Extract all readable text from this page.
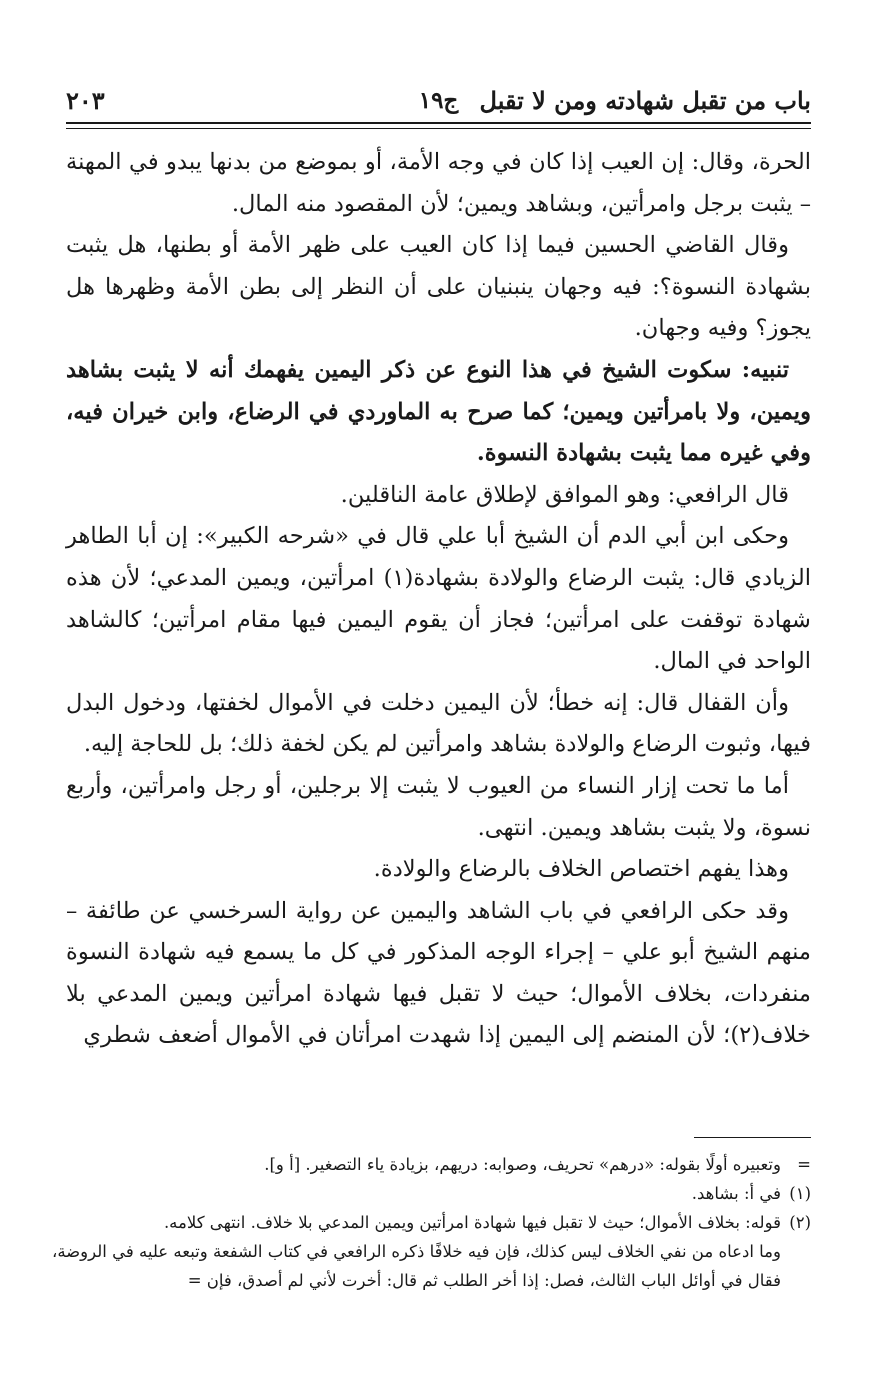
باب من تقبل شهادته ومن لا تقبل
ج١٩
٢٠٣

الحرة، وقال: إن العيب إذا كان في وجه الأمة، أو بموضع من بدنها يبدو في المهنة – يثبت برجل وامرأتين، وبشاهد ويمين؛ لأن المقصود منه المال.

وقال القاضي الحسين فيما إذا كان العيب على ظهر الأمة أو بطنها، هل يثبت بشهادة النسوة؟: فيه وجهان ينبنيان على أن النظر إلى بطن الأمة وظهرها هل يجوز؟ وفيه وجهان.

تنبيه: سكوت الشيخ في هذا النوع عن ذكر اليمين يفهمك أنه لا يثبت بشاهد ويمين، ولا بامرأتين ويمين؛ كما صرح به الماوردي في الرضاع، وابن خيران فيه، وفي غيره مما يثبت بشهادة النسوة.

قال الرافعي: وهو الموافق لإطلاق عامة الناقلين.

وحكى ابن أبي الدم أن الشيخ أبا علي قال في «شرحه الكبير»: إن أبا الطاهر الزيادي قال: يثبت الرضاع والولادة بشهادة(١) امرأتين، ويمين المدعي؛ لأن هذه شهادة توقفت على امرأتين؛ فجاز أن يقوم اليمين فيها مقام امرأتين؛ كالشاهد الواحد في المال.

وأن القفال قال: إنه خطأ؛ لأن اليمين دخلت في الأموال لخفتها، ودخول البدل فيها، وثبوت الرضاع والولادة بشاهد وامرأتين لم يكن لخفة ذلك؛ بل للحاجة إليه.

أما ما تحت إزار النساء من العيوب لا يثبت إلا برجلين، أو رجل وامرأتين، وأربع نسوة، ولا يثبت بشاهد ويمين. انتهى.

وهذا يفهم اختصاص الخلاف بالرضاع والولادة.

وقد حكى الرافعي في باب الشاهد واليمين عن رواية السرخسي عن طائفة – منهم الشيخ أبو علي – إجراء الوجه المذكور في كل ما يسمع فيه شهادة النسوة منفردات، بخلاف الأموال؛ حيث لا تقبل فيها شهادة امرأتين ويمين المدعي بلا خلاف(٢)؛ لأن المنضم إلى اليمين إذا شهدت امرأتان في الأموال أضعف شطري

=
وتعبيره أولًا بقوله: «درهم» تحريف، وصوابه: دريهم، بزيادة ياء التصغير. [أ و].
(١)
في أ: بشاهد.
(٢)
قوله: بخلاف الأموال؛ حيث لا تقبل فيها شهادة امرأتين ويمين المدعي بلا خلاف. انتهى كلامه.
وما ادعاه من نفي الخلاف ليس كذلك، فإن فيه خلافًا ذكره الرافعي في كتاب الشفعة وتبعه عليه في الروضة، فقال في أوائل الباب الثالث، فصل: إذا أخر الطلب ثم قال: أخرت لأني لم أصدق، فإن =
